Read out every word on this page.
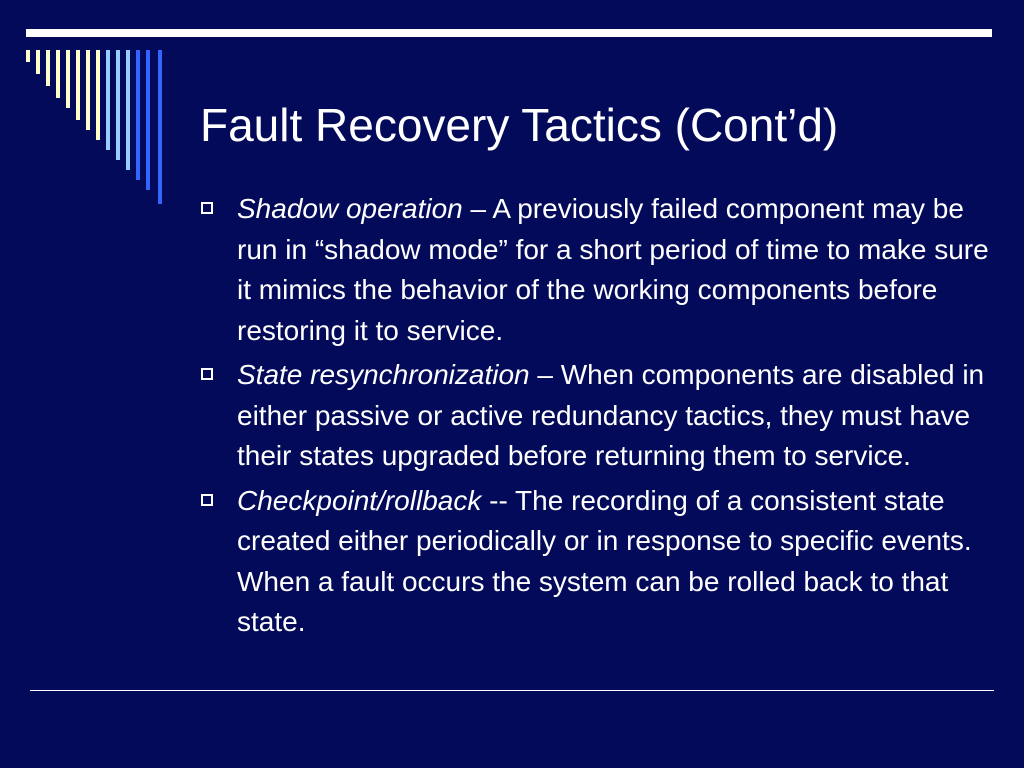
Fault Recovery Tactics (Cont’d)
Shadow operation – A previously failed component may be run in “shadow mode” for a short period of time to make sure it mimics the behavior of the working components before restoring it to service.
State resynchronization – When components are disabled in either passive or active redundancy tactics, they must have their states upgraded before returning them to service.
Checkpoint/rollback -- The recording of a consistent state created either periodically or in response to specific events. When a fault occurs the system can be rolled back to that state.
